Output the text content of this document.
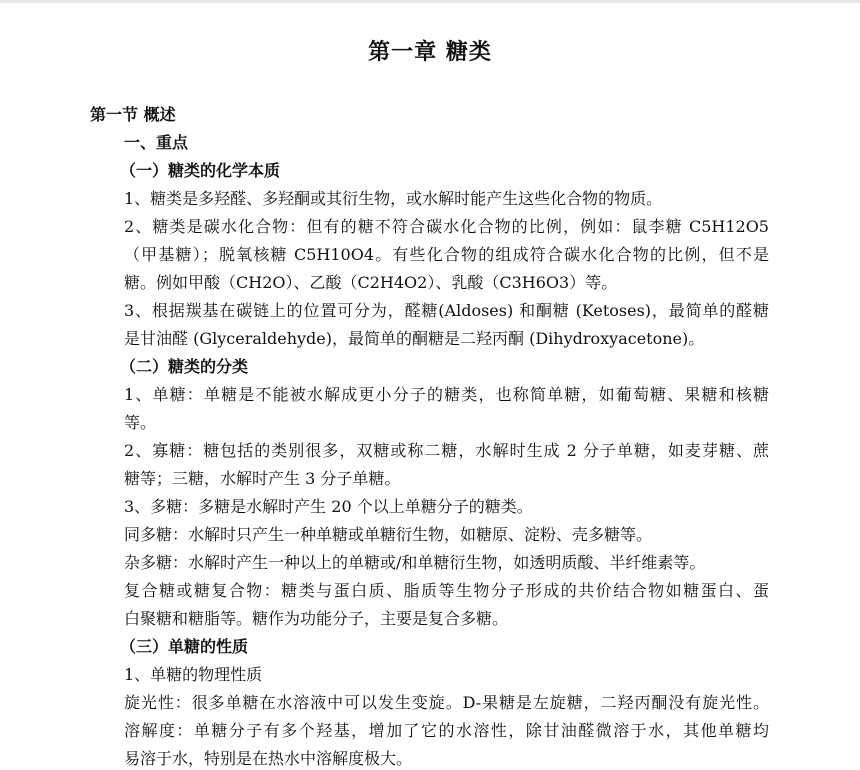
第一章 糖类
第一节 概述
一、重点
（一）糖类的化学本质
1、糖类是多羟醛、多羟酮或其衍生物，或水解时能产生这些化合物的物质。
2、糖类是碳水化合物：但有的糖不符合碳水化合物的比例，例如：鼠李糖 C5H12O5
（甲基糖）；脱氧核糖 C5H10O4。有些化合物的组成符合碳水化合物的比例，但不是
糖。例如甲酸（CH2O）、乙酸（C2H4O2）、乳酸（C3H6O3）等。
3、根据羰基在碳链上的位置可分为，醛糖(Aldoses) 和酮糖 (Ketoses)，最简单的醛糖
是甘油醛 (Glyceraldehyde)，最简单的酮糖是二羟丙酮 (Dihydroxyacetone)。
（二）糖类的分类
1、单糖：单糖是不能被水解成更小分子的糖类，也称简单糖，如葡萄糖、果糖和核糖
等。
2、寡糖：糖包括的类别很多，双糖或称二糖，水解时生成 2 分子单糖，如麦芽糖、蔗
糖等；三糖，水解时产生 3 分子单糖。
3、多糖：多糖是水解时产生 20 个以上单糖分子的糖类。
同多糖：水解时只产生一种单糖或单糖衍生物，如糖原、淀粉、壳多糖等。
杂多糖：水解时产生一种以上的单糖或/和单糖衍生物，如透明质酸、半纤维素等。
复合糖或糖复合物：糖类与蛋白质、脂质等生物分子形成的共价结合物如糖蛋白、蛋
白聚糖和糖脂等。糖作为功能分子，主要是复合多糖。
（三）单糖的性质
1、单糖的物理性质
旋光性：很多单糖在水溶液中可以发生变旋。D-果糖是左旋糖，二羟丙酮没有旋光性。
溶解度：单糖分子有多个羟基，增加了它的水溶性，除甘油醛微溶于水，其他单糖均
易溶于水，特别是在热水中溶解度极大。
